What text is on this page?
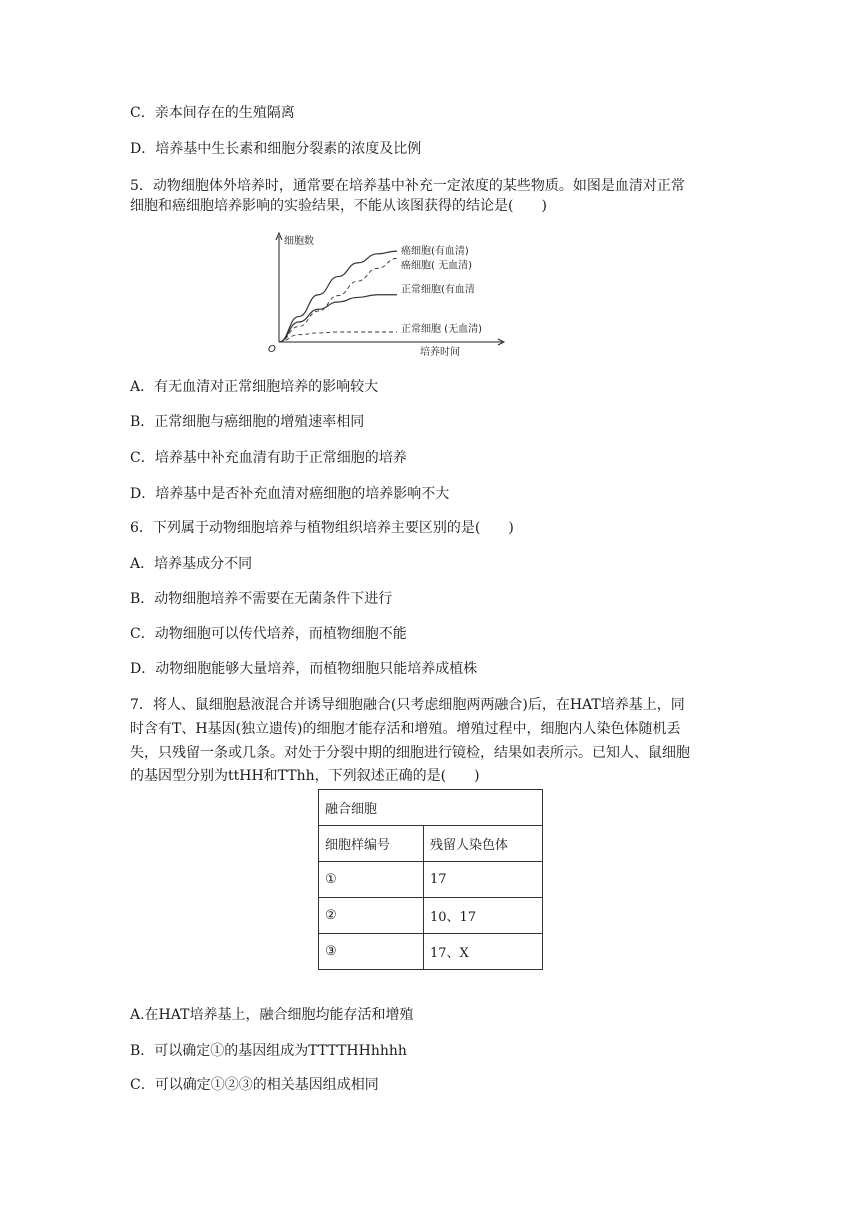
C．亲本间存在的生殖隔离
D．培养基中生长素和细胞分裂素的浓度及比例
5．动物细胞体外培养时，通常要在培养基中补充一定浓度的某些物质。如图是血清对正常
细胞和癌细胞培养影响的实验结果，不能从该图获得的结论是(　　)
细胞数
培养时间
O
癌细胞(有血清)
癌细胞( 无血清)
正常细胞(有血清
正常细胞 (无血清)
A．有无血清对正常细胞培养的影响较大
B．正常细胞与癌细胞的增殖速率相同
C．培养基中补充血清有助于正常细胞的培养
D．培养基中是否补充血清对癌细胞的培养影响不大
6．下列属于动物细胞培养与植物组织培养主要区别的是(　　)
A．培养基成分不同
B．动物细胞培养不需要在无菌条件下进行
C．动物细胞可以传代培养，而植物细胞不能
D．动物细胞能够大量培养，而植物细胞只能培养成植株
7．将人、鼠细胞悬液混合并诱导细胞融合(只考虑细胞两两融合)后，在HAT培养基上，同
时含有T、H基因(独立遗传)的细胞才能存活和增殖。增殖过程中，细胞内人染色体随机丢
失，只残留一条或几条。对处于分裂中期的细胞进行镜检，结果如表所示。已知人、鼠细胞
的基因型分别为ttHH和TThh，下列叙述正确的是(　　)
融合细胞	
细胞样编号	残留人染色体
①	17
②	10、17
③	17、X
A.在HAT培养基上，融合细胞均能存活和增殖
B．可以确定①的基因组成为TTTTHHhhhh
C．可以确定①②③的相关基因组成相同
